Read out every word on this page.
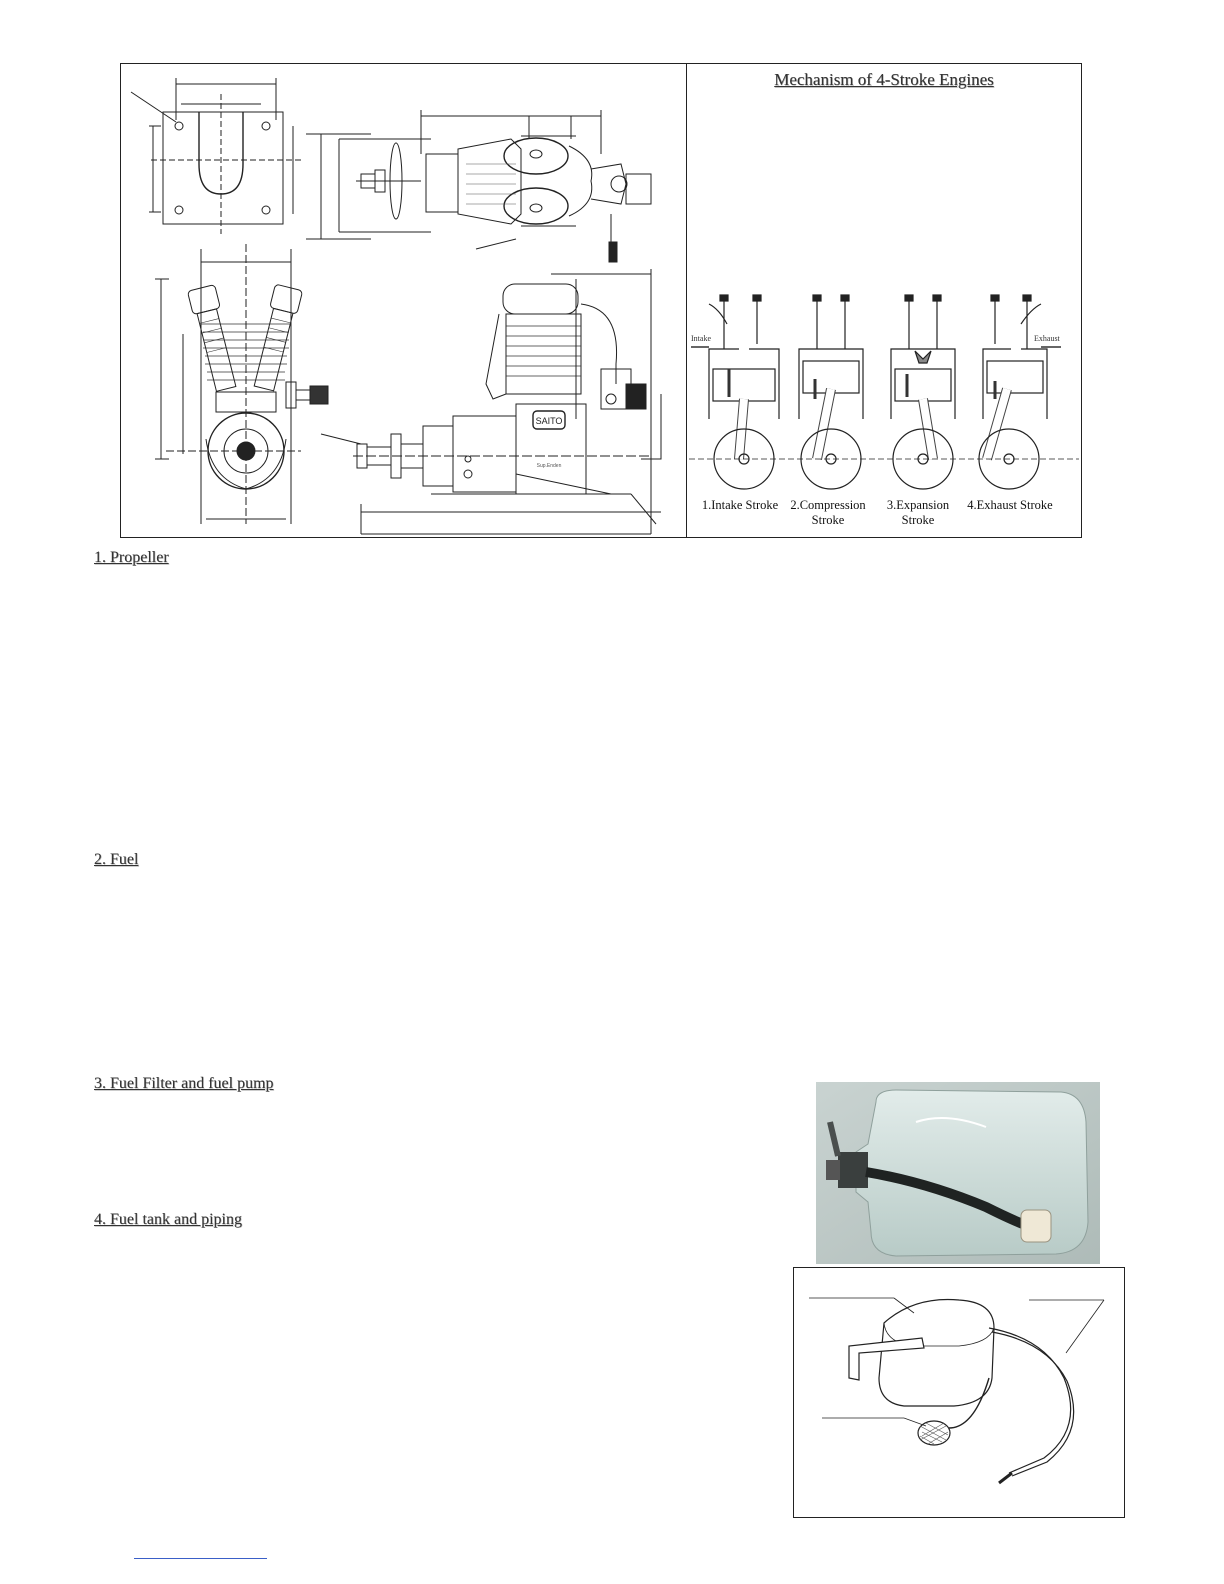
SAITO
Sup.Enden
Mechanism of 4-Stroke Engines
Intake	Exhaust
1.Intake Stroke 2.Compression
Stroke
3.Expansion
Stroke
4.Exhaust Stroke

1. Propeller
2. Fuel
3. Fuel Filter and fuel pump
4. Fuel tank and piping
